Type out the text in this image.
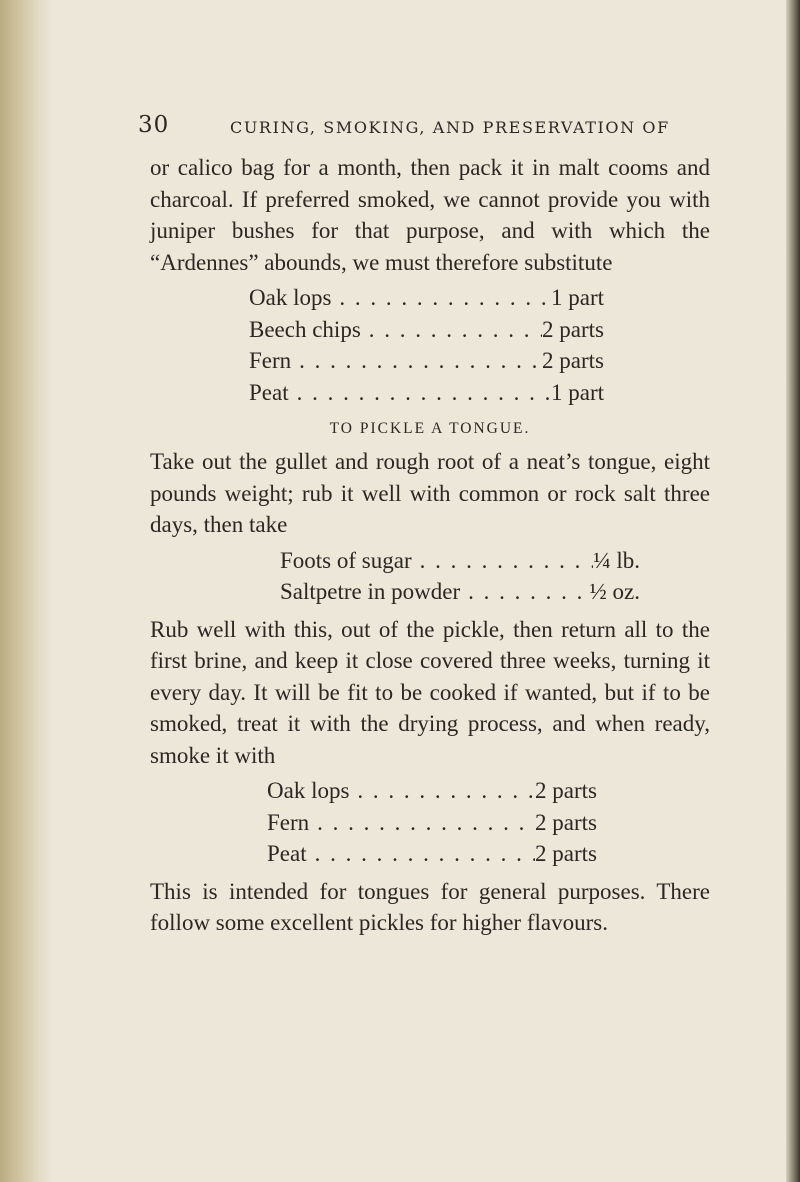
30	CURING, SMOKING, AND PRESERVATION OF

or calico bag for a month, then pack it in malt cooms and charcoal. If preferred smoked, we cannot provide you with juniper bushes for that purpose, and with which the “Ardennes” abounds, we must therefore substitute

Oak lops . . .	1 part
Beech chips . . .	2 parts
Fern . . .	2 parts
Peat . . .	1 part
TO PICKLE A TONGUE.

Take out the gullet and rough root of a neat’s tongue, eight pounds weight; rub it well with common or rock salt three days, then take

Foots of sugar . . .	¼ lb.
Saltpetre in powder . . .	½ oz.

Rub well with this, out of the pickle, then return all to the first brine, and keep it close covered three weeks, turning it every day. It will be fit to be cooked if wanted, but if to be smoked, treat it with the drying process, and when ready, smoke it with

Oak lops . . .	2 parts
Fern . . .	2 parts
Peat . . .	2 parts

This is intended for tongues for general purposes. There follow some excellent pickles for higher flavours.
